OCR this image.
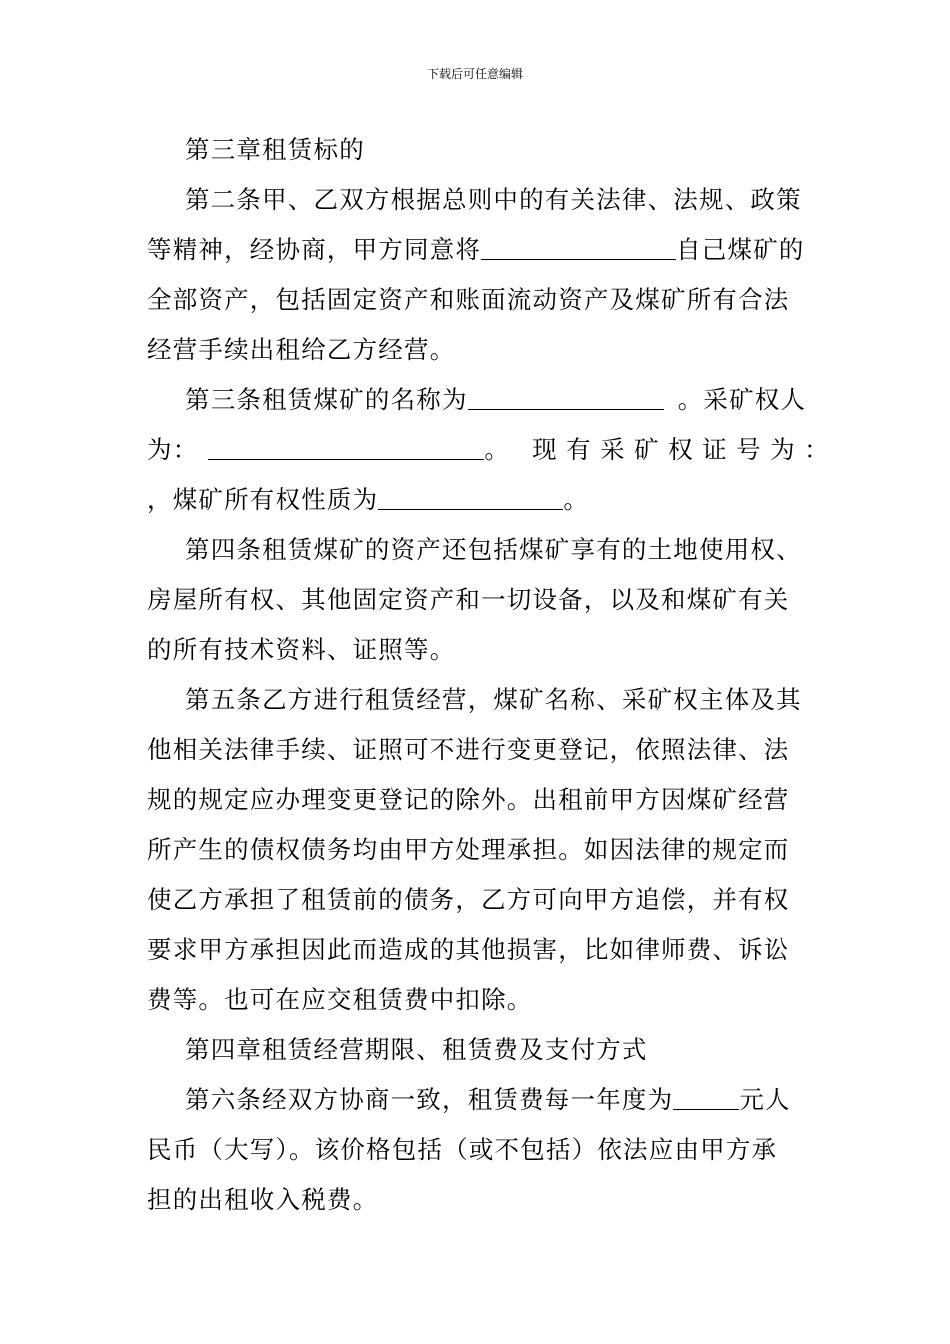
下载后可任意编辑
第三章租赁标的
第二条甲、乙双方根据总则中的有关法律、法规、政策
等精神，经协商，甲方同意将	自己煤矿的
全部资产，包括固定资产和账面流动资产及煤矿所有合法
经营手续出租给乙方经营。
第三条租赁煤矿的名称为	。采矿权人
为：	。 现有采矿权证号为：
，煤矿所有权性质为	。
第四条租赁煤矿的资产还包括煤矿享有的土地使用权、
房屋所有权、其他固定资产和一切设备，以及和煤矿有关
的所有技术资料、证照等。
第五条乙方进行租赁经营，煤矿名称、采矿权主体及其
他相关法律手续、证照可不进行变更登记，依照法律、法
规的规定应办理变更登记的除外。出租前甲方因煤矿经营
所产生的债权债务均由甲方处理承担。如因法律的规定而
使乙方承担了租赁前的债务，乙方可向甲方追偿，并有权
要求甲方承担因此而造成的其他损害，比如律师费、诉讼
费等。也可在应交租赁费中扣除。
第四章租赁经营期限、租赁费及支付方式
第六条经双方协商一致，租赁费每一年度为	元人
民币（大写）。该价格包括（或不包括）依法应由甲方承
担的出租收入税费。
